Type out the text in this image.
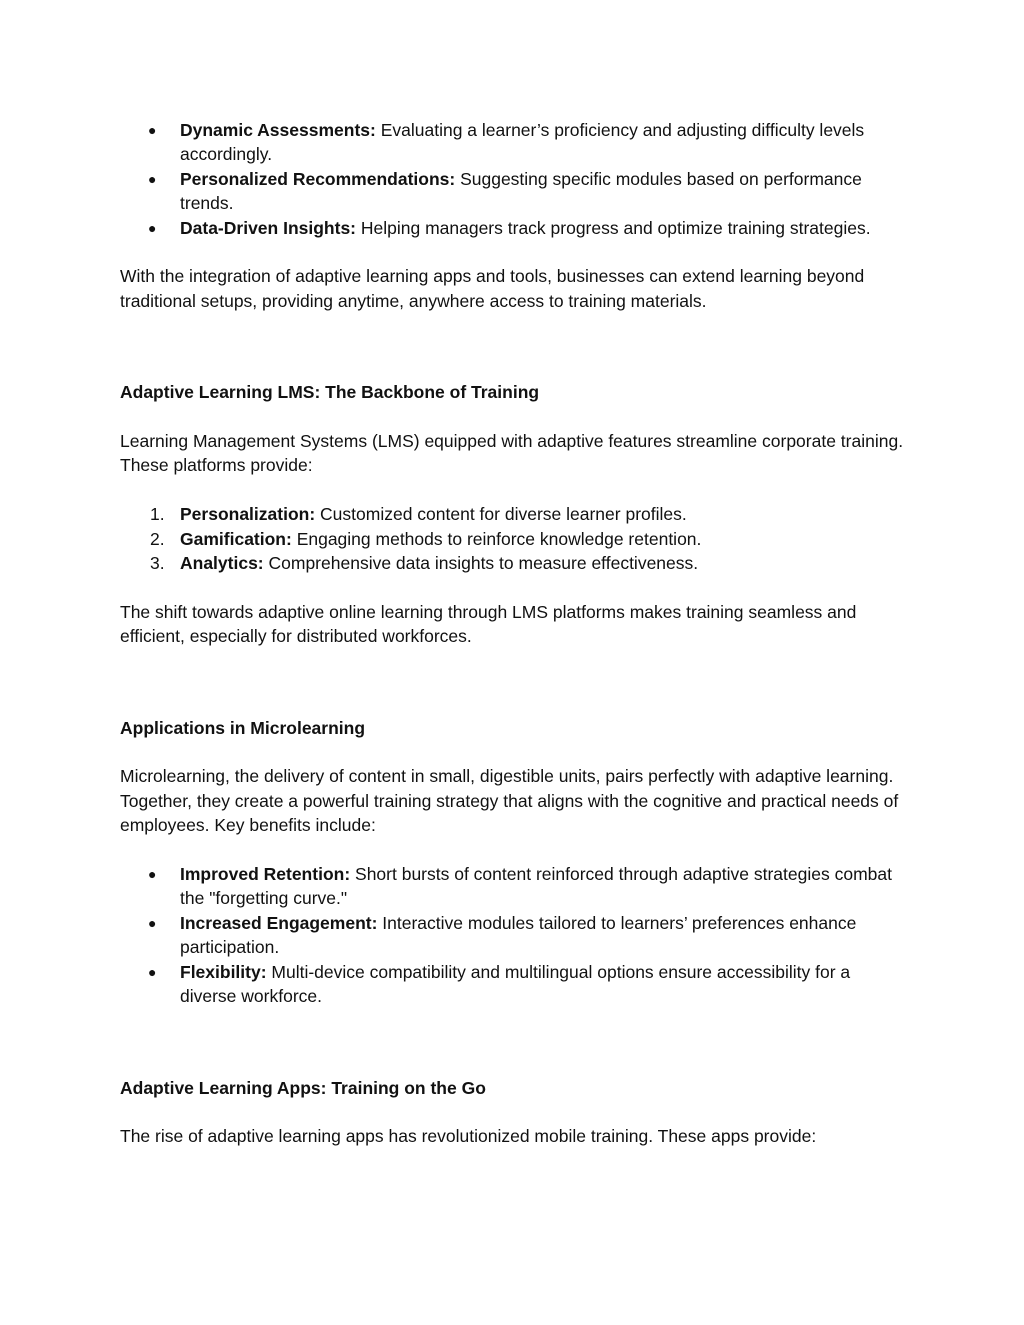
●	Dynamic Assessments: Evaluating a learner’s proficiency and adjusting difficulty levels accordingly.
●	Personalized Recommendations: Suggesting specific modules based on performance trends.
●	Data-Driven Insights: Helping managers track progress and optimize training strategies.

With the integration of adaptive learning apps and tools, businesses can extend learning beyond traditional setups, providing anytime, anywhere access to training materials.

Adaptive Learning LMS: The Backbone of Training

Learning Management Systems (LMS) equipped with adaptive features streamline corporate training. These platforms provide:

1. Personalization: Customized content for diverse learner profiles.
2. Gamification: Engaging methods to reinforce knowledge retention.
3. Analytics: Comprehensive data insights to measure effectiveness.

The shift towards adaptive online learning through LMS platforms makes training seamless and efficient, especially for distributed workforces.

Applications in Microlearning

Microlearning, the delivery of content in small, digestible units, pairs perfectly with adaptive learning. Together, they create a powerful training strategy that aligns with the cognitive and practical needs of employees. Key benefits include:

●	Improved Retention: Short bursts of content reinforced through adaptive strategies combat the "forgetting curve."
●	Increased Engagement: Interactive modules tailored to learners’ preferences enhance participation.
●	Flexibility: Multi-device compatibility and multilingual options ensure accessibility for a diverse workforce.
Adaptive Learning Apps: Training on the Go

The rise of adaptive learning apps has revolutionized mobile training. These apps provide:
